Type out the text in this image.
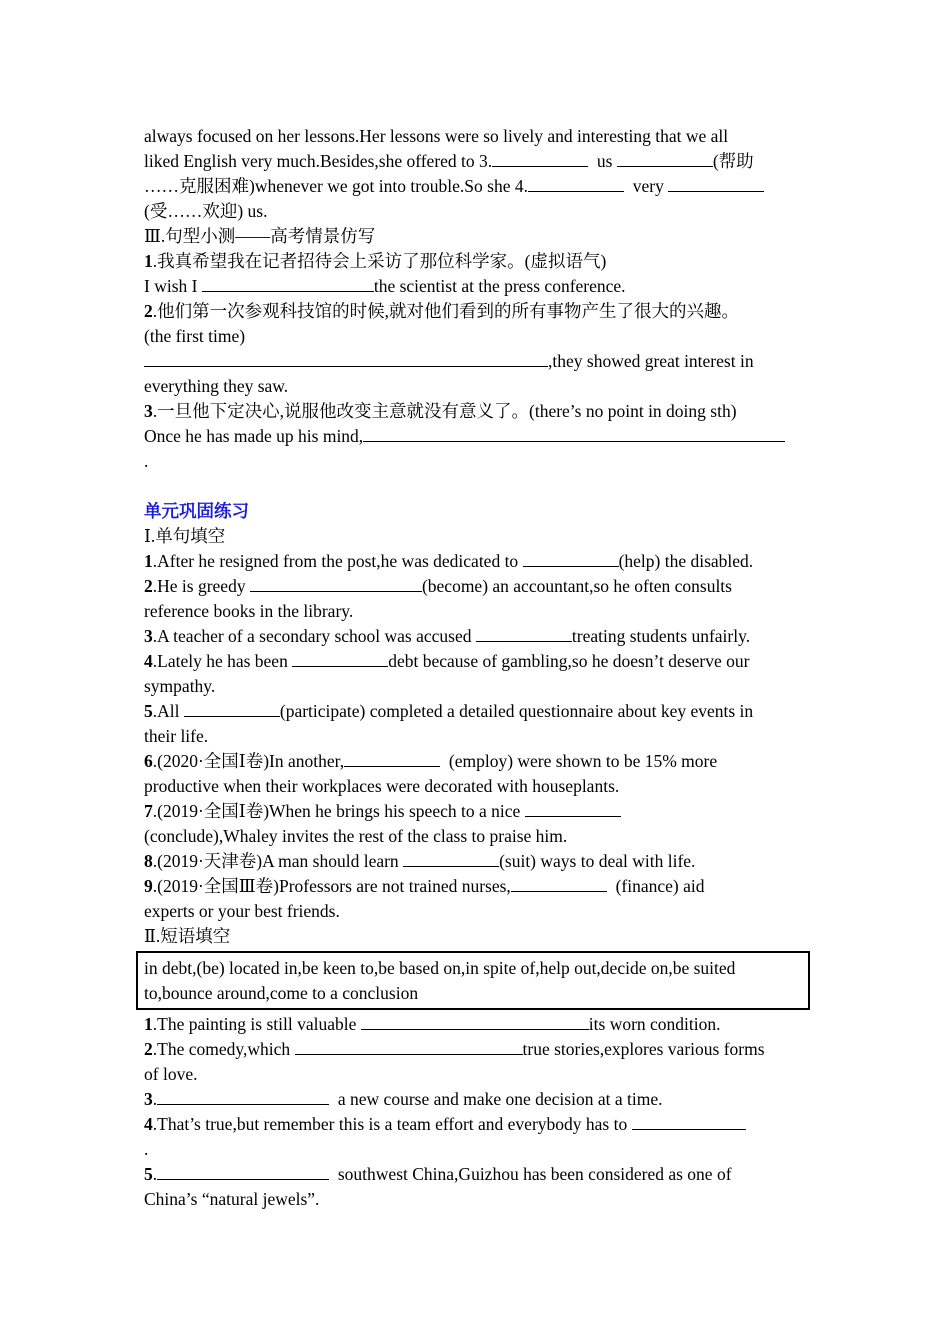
always focused on her lessons.Her lessons were so lively and interesting that we all
liked English very much.Besides,she offered to 3.	us	(帮助
……克服困难)whenever we got into trouble.So she 4.	very
(受……欢迎) us.
Ⅲ.句型小测——高考情景仿写
1.我真希望我在记者招待会上采访了那位科学家。(虚拟语气)
I wish I	the scientist at the press conference.
2.他们第一次参观科技馆的时候,就对他们看到的所有事物产生了很大的兴趣。
(the first time)
,they showed great interest in
everything they saw.
3.一旦他下定决心,说服他改变主意就没有意义了。(there’s no point in doing sth)
Once he has made up his mind,
.
单元巩固练习
Ⅰ.单句填空
1.After he resigned from the post,he was dedicated to	(help) the disabled.
2.He is greedy	(become) an accountant,so he often consults
reference books in the library.
3.A teacher of a secondary school was accused	treating students unfairly.
4.Lately he has been	debt because of gambling,so he doesn’t deserve our
sympathy.
5.All	(participate) completed a detailed questionnaire about key events in
their life.
6.(2020·全国Ⅰ卷)In another,	(employ) were shown to be 15% more
productive when their workplaces were decorated with houseplants.
7.(2019·全国Ⅰ卷)When he brings his speech to a nice
(conclude),Whaley invites the rest of the class to praise him.
8.(2019·天津卷)A man should learn	(suit) ways to deal with life.
9.(2019·全国Ⅲ卷)Professors are not trained nurses,	(finance) aid
experts or your best friends.
Ⅱ.短语填空
in debt,(be) located in,be keen to,be based on,in spite of,help out,decide on,be suited
to,bounce around,come to a conclusion
1.The painting is still valuable	its worn condition.
2.The comedy,which	true stories,explores various forms
of love.
3.	a new course and make one decision at a time.
4.That’s true,but remember this is a team effort and everybody has to
.
5.	southwest China,Guizhou has been considered as one of
China’s “natural jewels”.
